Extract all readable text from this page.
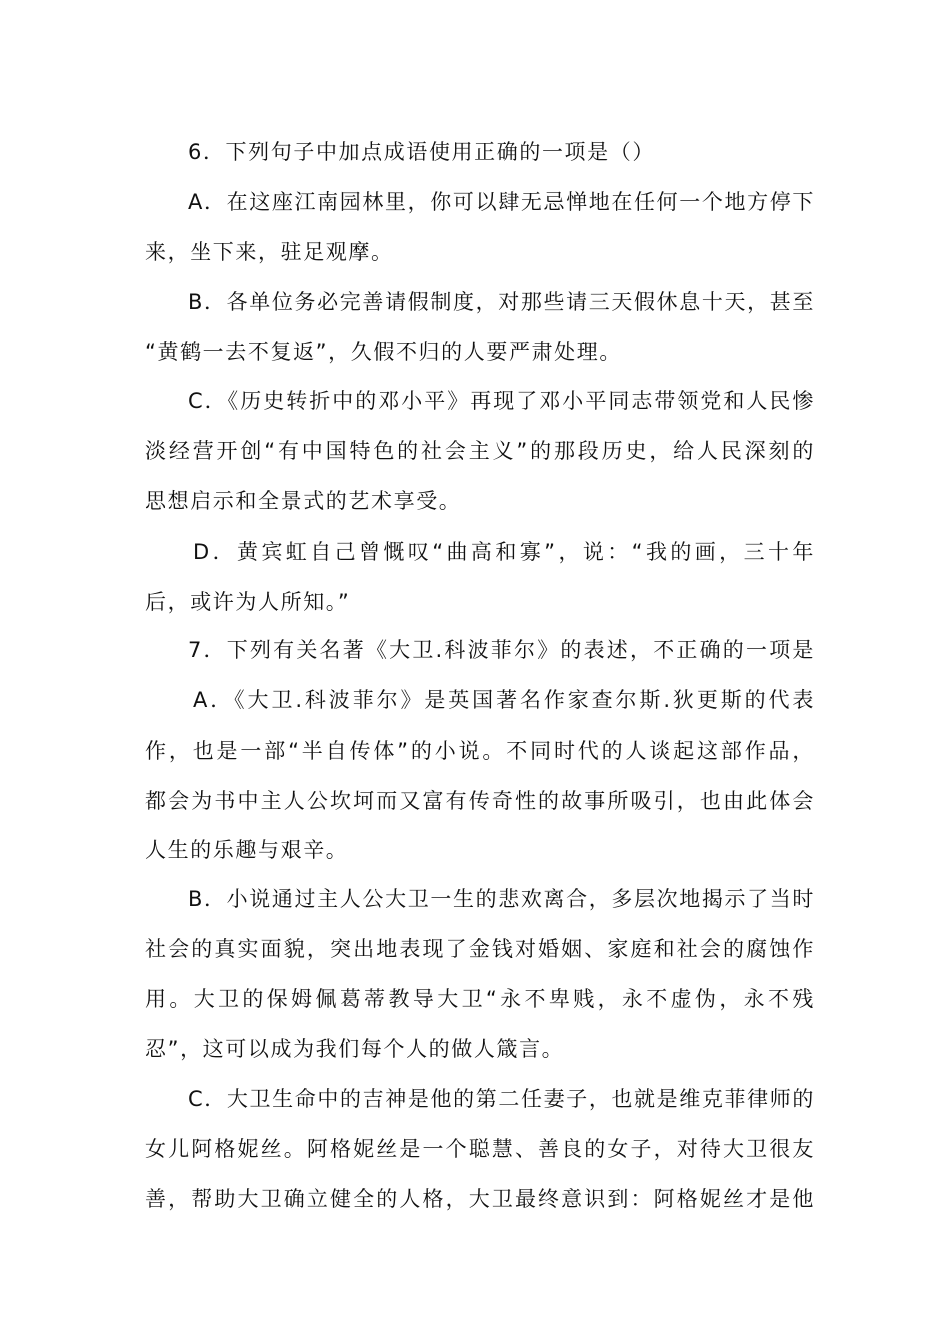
6．下列句子中加点成语使用正确的一项是（）
A．在这座江南园林里，你可以肆无忌惮地在任何一个地方停下
来，坐下来，驻足观摩。
B．各单位务必完善请假制度，对那些请三天假休息十天，甚至
“黄鹤一去不复返”，久假不归的人要严肃处理。
C．《历史转折中的邓小平》再现了邓小平同志带领党和人民惨
淡经营开创“有中国特色的社会主义”的那段历史，给人民深刻的
思想启示和全景式的艺术享受。
D．黄宾虹自己曾慨叹“曲高和寡”，说：“我的画，三十年
后，或许为人所知。”
7．下列有关名著《大卫.科波菲尔》的表述，不正确的一项是
A．《大卫.科波菲尔》是英国著名作家查尔斯.狄更斯的代表
作，也是一部“半自传体”的小说。不同时代的人谈起这部作品，
都会为书中主人公坎坷而又富有传奇性的故事所吸引，也由此体会
人生的乐趣与艰辛。
B．小说通过主人公大卫一生的悲欢离合，多层次地揭示了当时
社会的真实面貌，突出地表现了金钱对婚姻、家庭和社会的腐蚀作
用。大卫的保姆佩葛蒂教导大卫“永不卑贱，永不虚伪，永不残
忍”，这可以成为我们每个人的做人箴言。
C．大卫生命中的吉神是他的第二任妻子，也就是维克菲律师的
女儿阿格妮丝。阿格妮丝是一个聪慧、善良的女子，对待大卫很友
善，帮助大卫确立健全的人格，大卫最终意识到：阿格妮丝才是他
